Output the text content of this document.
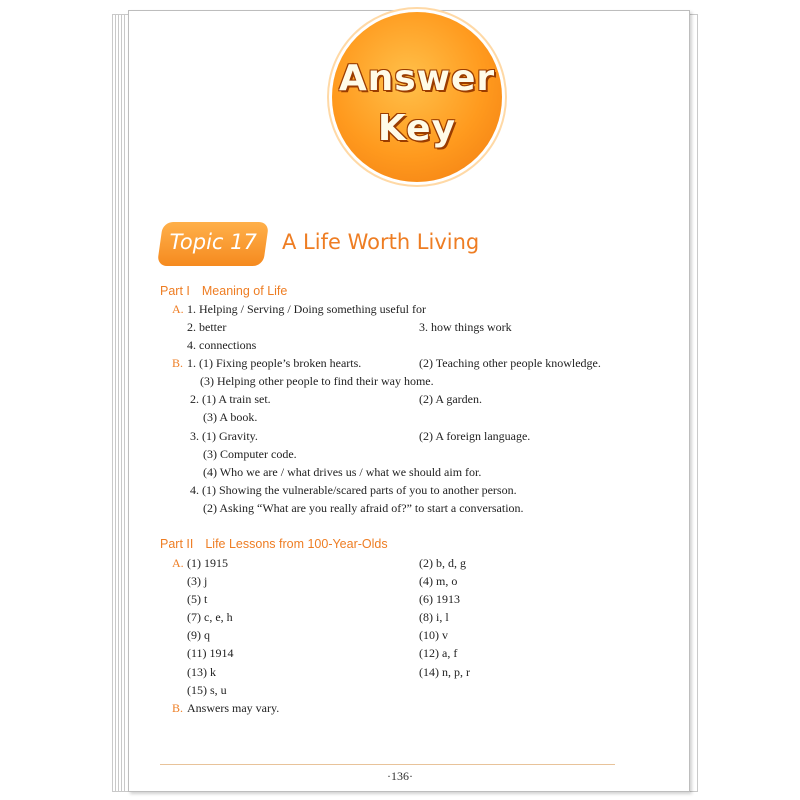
Answer
Key
Topic 17	A Life Worth Living
Part I Meaning of Life
A. 1. Helping / Serving / Doing something useful for
2. better	3. how things work
4. connections
B. 1. (1) Fixing people’s broken hearts.	(2) Teaching other people knowledge.
(3) Helping other people to find their way home.
2. (1) A train set.	(2) A garden.
(3) A book.
3. (1) Gravity.	(2) A foreign language.
(3) Computer code.
(4) Who we are / what drives us / what we should aim for.
4. (1) Showing the vulnerable/scared parts of you to another person.
(2) Asking “What are you really afraid of?” to start a conversation.
Part II Life Lessons from 100-Year-Olds
A. (1) 1915	(2) b, d, g
(3) j	(4) m, o
(5) t	(6) 1913
(7) c, e, h	(8) i, l
(9) q	(10) v
(11) 1914	(12) a, f
(13) k	(14) n, p, r
(15) s, u
B. Answers may vary.
·136·
